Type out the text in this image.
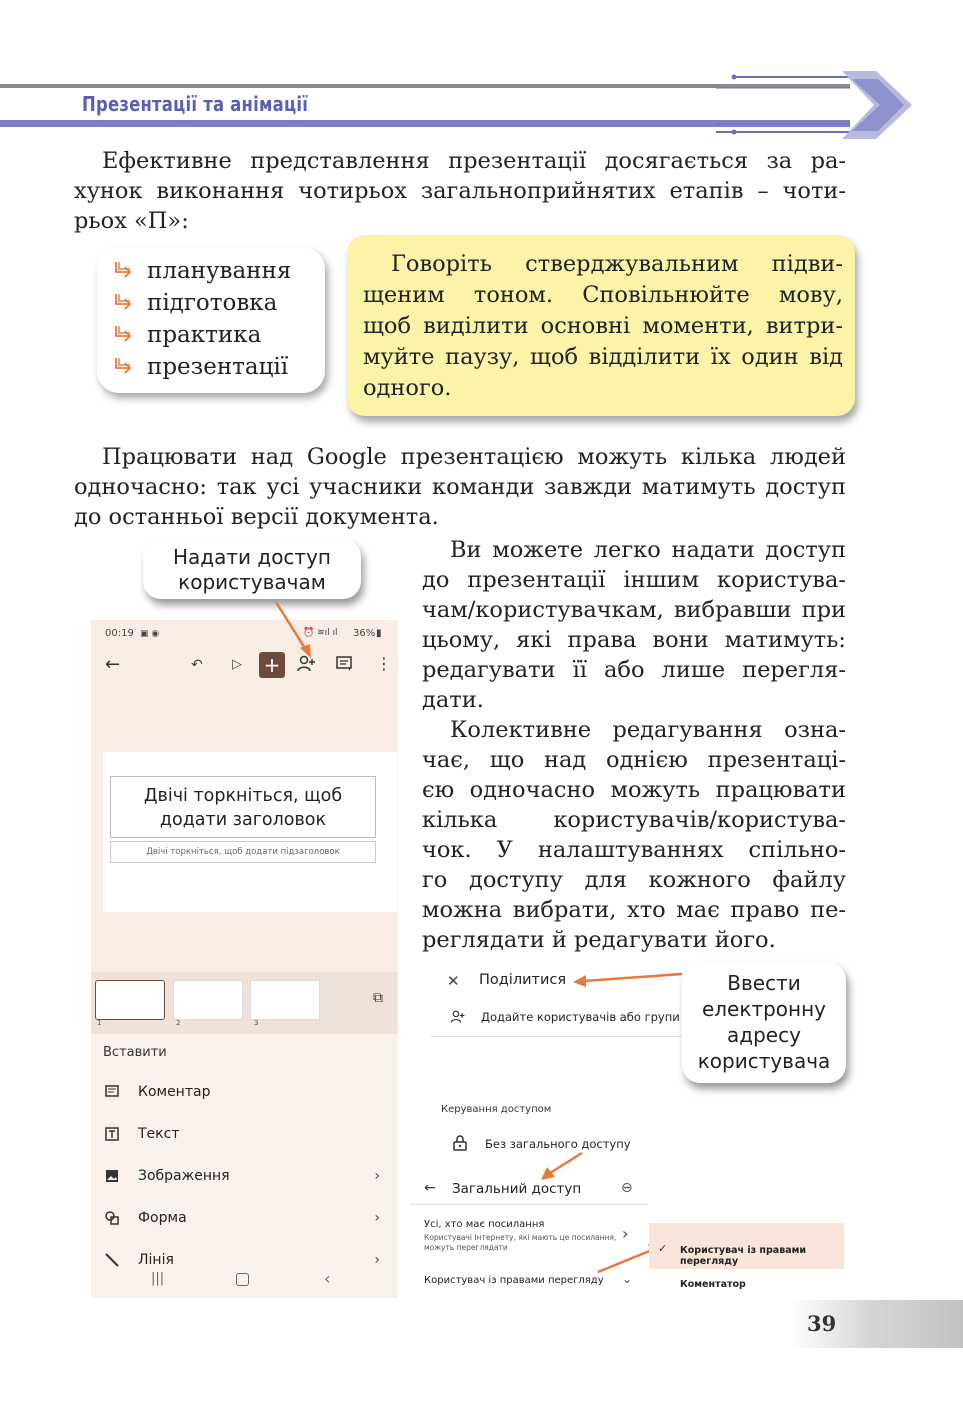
Презентації та анімації
Ефективне представлення презентації досягається за ра-
хунок виконання чотирьох загальноприйнятих етапів – чоти-
рьох «П»:
планування
підготовка
практика
презентації

Говоріть стверджувальним підви-
щеним тоном. Сповільнюйте мову,
щоб виділити основні моменти, витри-
муйте паузу, щоб відділити їх один від
одного.

Працювати над Google презентацією можуть кілька людей
одночасно: так усі учасники команди завжди матимуть доступ
до останньої версії документа.
Ви можете легко надати доступ
до презентації іншим користува-
чам/користувачкам, вибравши при
цьому, які права вони матимуть:
редагувати її або лише перегля-
дати.
Колективне редагування озна-
чає, що над однією презентаці-
єю одночасно можуть працювати
кілька користувачів/користува-
чок. У налаштуваннях спільно-
го доступу для кожного файлу
можна вибрати, хто має право пе-
реглядати й редагувати його.
00:19 ▣ ◉	⏰ ≋ıl ıl 36% ▮
←	↶ ▷ +	⋮
Двічі торкніться, щоб
додати заголовок
Двічі торкніться, щоб додати підзаголовок
1	2	3
⧉
Вставити
Коментар
Текст
Зображення	›
Форма	›
Лінія	›
|||	‹
Надати доступ
користувачам
✕ Поділитися
Додайте користувачів або групи
Керування доступом
Без загального доступу
Ввести
електронну
адресу
користувача
← Загальний доступ	⊖
Усі, хто має посилання
Користувачі Інтернету, які мають це посилання,
можуть переглядати
›
Користувач із правами перегляду ⌄
✓ Користувач із правами перегляду
Коментатор
39
